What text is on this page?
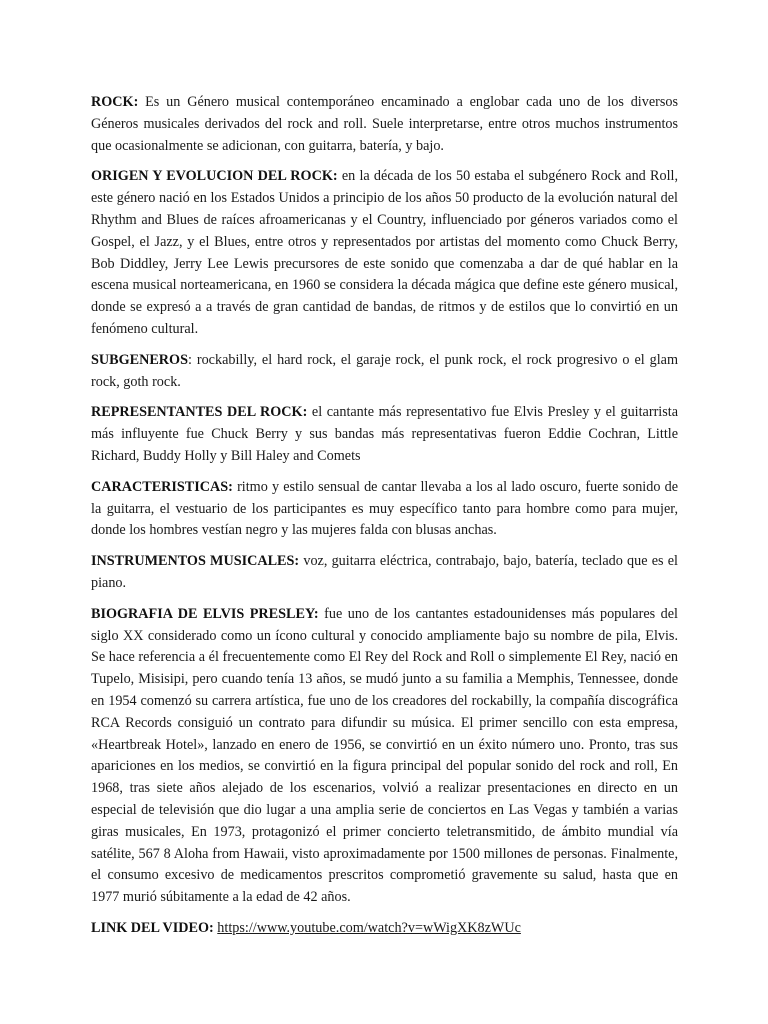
ROCK: Es un Género musical contemporáneo encaminado a englobar cada uno de los diversos Géneros musicales derivados del rock and roll. Suele interpretarse, entre otros muchos instrumentos que ocasionalmente se adicionan, con guitarra, batería, y bajo.

ORIGEN Y EVOLUCION DEL ROCK: en la década de los 50 estaba el subgénero Rock and Roll, este género nació en los Estados Unidos a principio de los años 50 producto de la evolución natural del Rhythm and Blues de raíces afroamericanas y el Country, influenciado por géneros variados como el Gospel, el Jazz, y el Blues, entre otros y representados por artistas del momento como Chuck Berry, Bob Diddley, Jerry Lee Lewis precursores de este sonido que comenzaba a dar de qué hablar en la escena musical norteamericana, en 1960 se considera la década mágica que define este género musical, donde se expresó a a través de gran cantidad de bandas, de ritmos y de estilos que lo convirtió en un fenómeno cultural.

SUBGENEROS: rockabilly, el hard rock, el garaje rock, el punk rock, el rock progresivo o el glam rock, goth rock.

REPRESENTANTES DEL ROCK: el cantante más representativo fue Elvis Presley y el guitarrista más influyente fue Chuck Berry y sus bandas más representativas fueron Eddie Cochran, Little Richard, Buddy Holly y Bill Haley and Comets

CARACTERISTICAS: ritmo y estilo sensual de cantar llevaba a los al lado oscuro, fuerte sonido de la guitarra, el vestuario de los participantes es muy específico tanto para hombre como para mujer, donde los hombres vestían negro y las mujeres falda con blusas anchas.

INSTRUMENTOS MUSICALES: voz, guitarra eléctrica, contrabajo, bajo, batería, teclado que es el piano.

BIOGRAFIA DE ELVIS PRESLEY: fue uno de los cantantes estadounidenses más populares del siglo XX considerado como un ícono cultural y conocido ampliamente bajo su nombre de pila, Elvis. Se hace referencia a él frecuentemente como El Rey del Rock and Roll o simplemente El Rey, nació en Tupelo, Misisipi, pero cuando tenía 13 años, se mudó junto a su familia a Memphis, Tennessee, donde en 1954 comenzó su carrera artística, fue uno de los creadores del rockabilly, la compañía discográfica RCA Records consiguió un contrato para difundir su música. El primer sencillo con esta empresa, «Heartbreak Hotel», lanzado en enero de 1956, se convirtió en un éxito número uno. Pronto, tras sus apariciones en los medios, se convirtió en la figura principal del popular sonido del rock and roll, En 1968, tras siete años alejado de los escenarios, volvió a realizar presentaciones en directo en un especial de televisión que dio lugar a una amplia serie de conciertos en Las Vegas y también a varias giras musicales, En 1973, protagonizó el primer concierto teletransmitido, de ámbito mundial vía satélite, 567 8 Aloha from Hawaii, visto aproximadamente por 1500 millones de personas. Finalmente, el consumo excesivo de medicamentos prescritos comprometió gravemente su salud, hasta que en 1977 murió súbitamente a la edad de 42 años.

LINK DEL VIDEO: https://www.youtube.com/watch?v=wWigXK8zWUc
